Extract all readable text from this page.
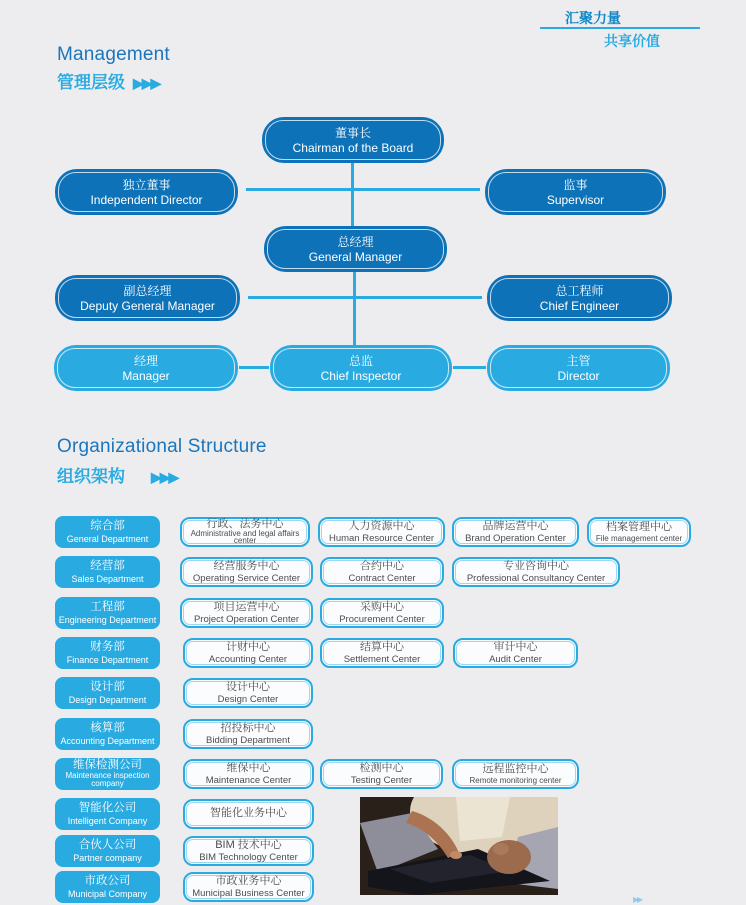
汇聚力量
共享价值
Management
管理层级 ▶▶▶
董事长
Chairman of the Board
独立董事
Independent Director
监事
Supervisor
总经理
General Manager
副总经理
Deputy General Manager
总工程师
Chief Engineer
经理
Manager
总监
Chief Inspector
主管
Director
Organizational Structure
组织架构 ▶▶▶
综合部
General Department
行政、法务中心
Administrative and legal affairs center
人力资源中心
Human Resource Center
品牌运营中心
Brand Operation Center
档案管理中心
File management center
经营部
Sales Department
经营服务中心
Operating Service Center
合约中心
Contract Center
专业咨询中心
Professional Consultancy Center
工程部
Engineering Department
项目运营中心
Project Operation Center
采购中心
Procurement Center
财务部
Finance Department
计财中心
Accounting Center
结算中心
Settlement Center
审计中心
Audit Center
设计部
Design Department
设计中心
Design Center
核算部
Accounting Department
招投标中心
Bidding Department
维保检测公司
Maintenance inspection company
维保中心
Maintenance Center
检测中心
Testing Center
远程监控中心
Remote monitoring center
智能化公司
Intelligent Company
智能化业务中心
合伙人公司
Partner company
BIM 技术中心
BIM Technology Center
市政公司
Municipal Company
市政业务中心
Municipal Business Center
▶▶
